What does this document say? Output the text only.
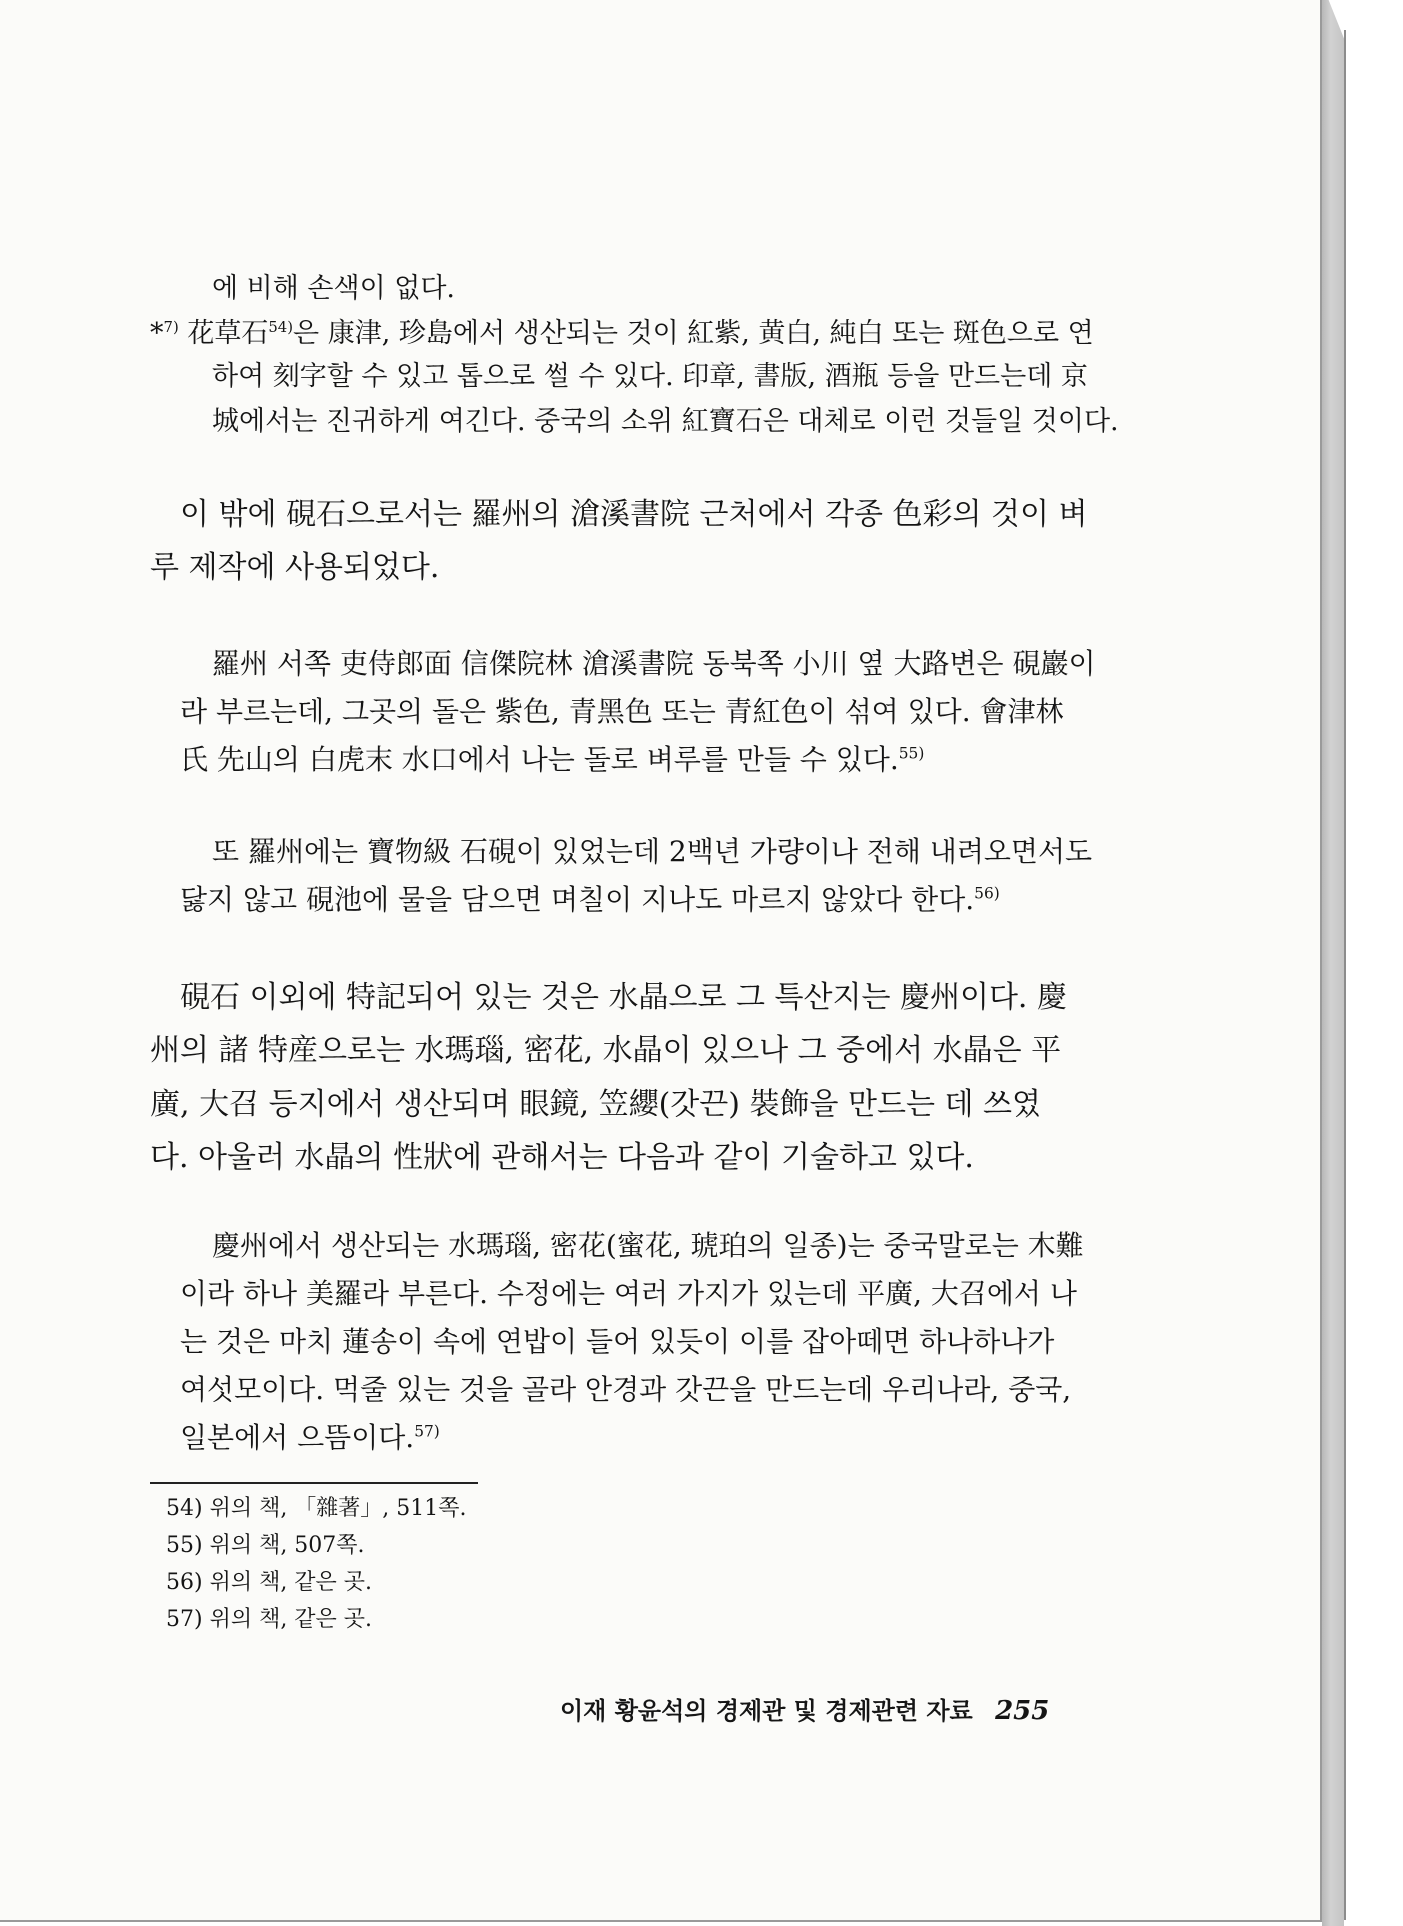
에 비해 손색이 없다.
*$^{7)}$ 花草石$^{54)}$은 康津, 珍島에서 생산되는 것이 紅紫, 黄白, 純白 또는 斑色으로 연
하여 刻字할 수 있고 톱으로 썰 수 있다. 印章, 書版, 酒瓶 등을 만드는데 京
城에서는 진귀하게 여긴다. 중국의 소위 紅寶石은 대체로 이런 것들일 것이다.
이 밖에 硯石으로서는 羅州의 滄溪書院 근처에서 각종 色彩의 것이 벼
루 제작에 사용되었다.
羅州 서쪽 吏侍郎面 信傑院林 滄溪書院 동북쪽 小川 옆 大路변은 硯巖이
라 부르는데, 그곳의 돌은 紫色, 青黑色 또는 青紅色이 섞여 있다. 會津林
氏 先山의 白虎末 水口에서 나는 돌로 벼루를 만들 수 있다.$^{55)}$
또 羅州에는 寶物級 石硯이 있었는데 2백년 가량이나 전해 내려오면서도
닳지 않고 硯池에 물을 담으면 며칠이 지나도 마르지 않았다 한다.$^{56)}$
硯石 이외에 特記되어 있는 것은 水晶으로 그 특산지는 慶州이다. 慶
州의 諸 特産으로는 水瑪瑙, 密花, 水晶이 있으나 그 중에서 水晶은 平
廣, 大召 등지에서 생산되며 眼鏡, 笠纓(갓끈) 裝飾을 만드는 데 쓰였
다. 아울러 水晶의 性狀에 관해서는 다음과 같이 기술하고 있다.
慶州에서 생산되는 水瑪瑙, 密花(蜜花, 琥珀의 일종)는 중국말로는 木難
이라 하나 美羅라 부른다. 수정에는 여러 가지가 있는데 平廣, 大召에서 나
는 것은 마치 蓮송이 속에 연밥이 들어 있듯이 이를 잡아떼면 하나하나가
여섯모이다. 먹줄 있는 것을 골라 안경과 갓끈을 만드는데 우리나라, 중국,
일본에서 으뜸이다.$^{57)}$
54) 위의 책, 「雜著」, 511쪽.
55) 위의 책, 507쪽.
56) 위의 책, 같은 곳.
57) 위의 책, 같은 곳.
이재 황윤석의 경제관 및 경제관련 자료 255
